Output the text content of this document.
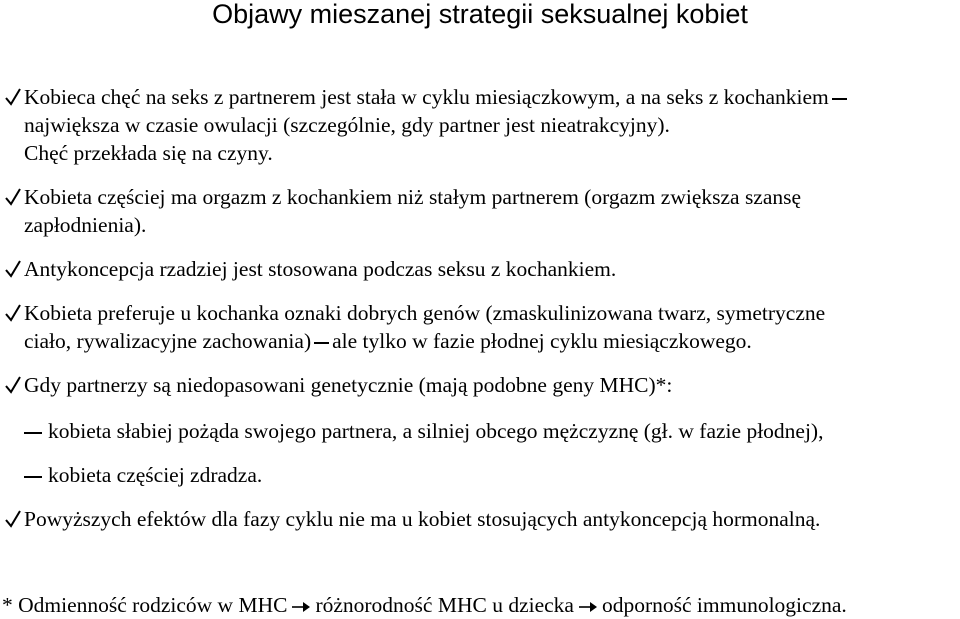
Objawy mieszanej strategii seksualnej kobiet
Kobieca chęć na seks z partnerem jest stała w cyklu miesiączkowym, a na seks z kochankiem
największa w czasie owulacji (szczególnie, gdy partner jest nieatrakcyjny).
Chęć przekłada się na czyny.
Kobieta częściej ma orgazm z kochankiem niż stałym partnerem (orgazm zwiększa szansę
zapłodnienia).
Antykoncepcja rzadziej jest stosowana podczas seksu z kochankiem.
Kobieta preferuje u kochanka oznaki dobrych genów (zmaskulinizowana twarz, symetryczne
ciało, rywalizacyjne zachowania) ale tylko w fazie płodnej cyklu miesiączkowego.
Gdy partnerzy są niedopasowani genetycznie (mają podobne geny MHC)*:
kobieta słabiej pożąda swojego partnera, a silniej obcego mężczyznę (gł. w fazie płodnej),
kobieta częściej zdradza.
Powyższych efektów dla fazy cyklu nie ma u kobiet stosujących antykoncepcją hormonalną.
* Odmienność rodziców w MHC różnorodność MHC u dziecka odporność immunologiczna.
